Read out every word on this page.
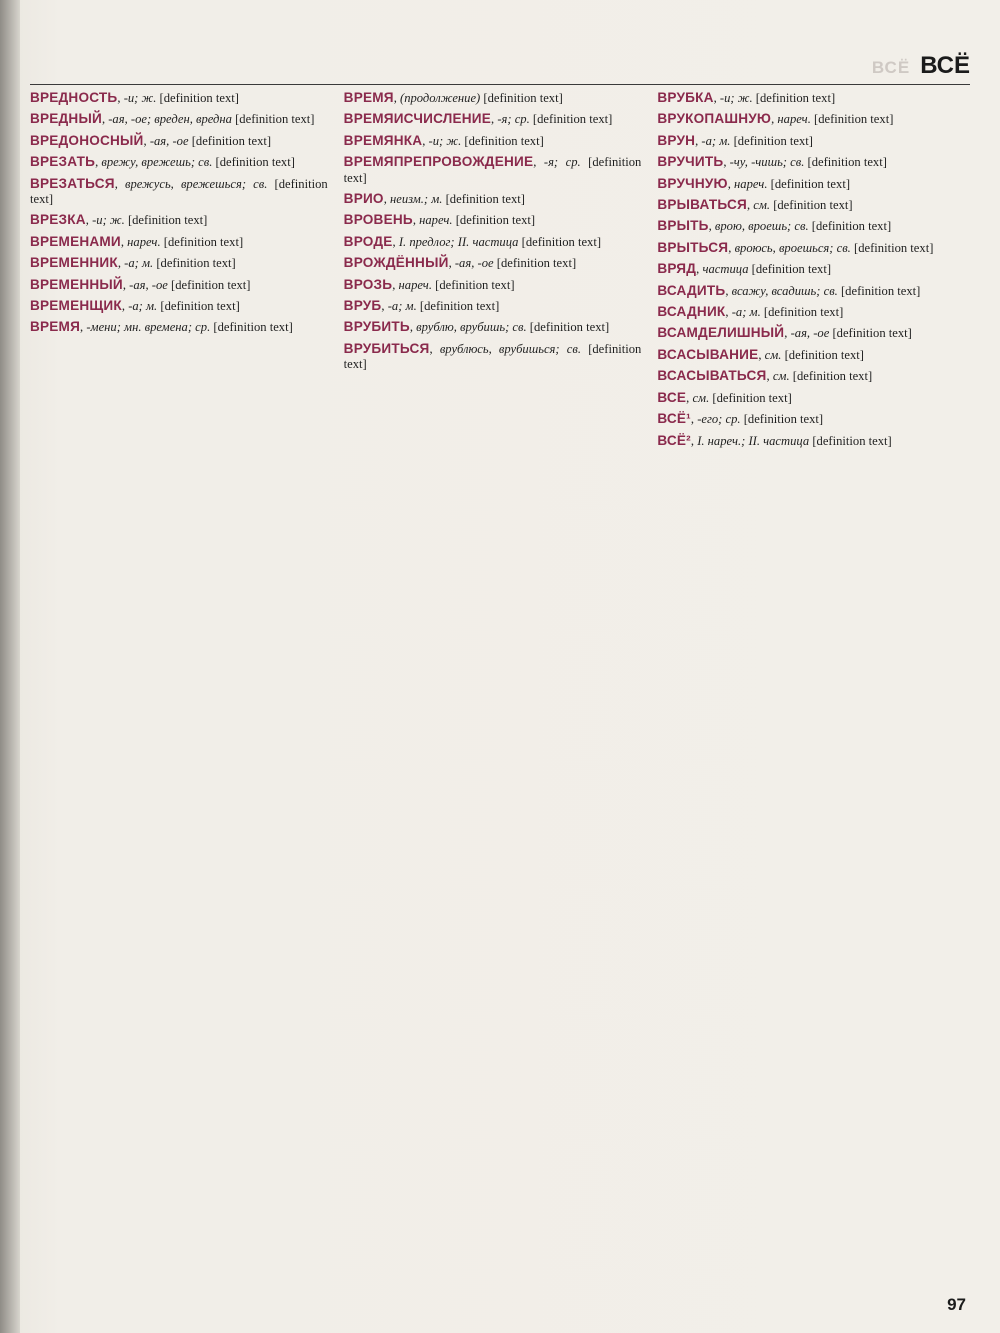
ВСЁ ВСЁ

ВРЕДНОСТЬ, -и; ж. [definition text]

ВРЕДНЫЙ, -ая, -ое; вреден, вредна [definition text]

ВРЕДОНОСНЫЙ, -ая, -ое [definition text]

ВРЕЗАТЬ, врежу, врежешь; св. [definition text]

ВРЕЗАТЬСЯ, врежусь, врежешься; св. [definition text]

ВРЕЗКА, -и; ж. [definition text]

ВРЕМЕНАМИ, нареч. [definition text]

ВРЕМЕННИК, -а; м. [definition text]

ВРЕМЕННЫЙ, -ая, -ое [definition text]

ВРЕМЕНЩИК, -а; м. [definition text]

ВРЕМЯ, -мени; мн. времена; ср. [definition text]

ВРЕМЯ, (продолжение) [definition text]

ВРЕМЯИСЧИСЛЕНИЕ, -я; ср. [definition text]

ВРЕМЯНКА, -и; ж. [definition text]

ВРЕМЯПРЕПРОВОЖДЕНИЕ, -я; ср. [definition text]

ВРИО, неизм.; м. [definition text]

ВРОВЕНЬ, нареч. [definition text]

ВРОДЕ, I. предлог; II. частица [definition text]

ВРОЖДЁННЫЙ, -ая, -ое [definition text]

ВРОЗЬ, нареч. [definition text]

ВРУБ, -а; м. [definition text]

ВРУБИТЬ, врублю, врубишь; св. [definition text]

ВРУБИТЬСЯ, врублюсь, врубишься; св. [definition text]

ВРУБКА, -и; ж. [definition text]

ВРУКОПАШНУЮ, нареч. [definition text]

ВРУН, -а; м. [definition text]

ВРУЧИТЬ, -чу, -чишь; св. [definition text]

ВРУЧНУЮ, нареч. [definition text]

ВРЫВАТЬСЯ, см. [definition text]

ВРЫТЬ, врою, вроешь; св. [definition text]

ВРЫТЬСЯ, вроюсь, вроешься; св. [definition text]

ВРЯД, частица [definition text]

ВСАДИТЬ, всажу, всадишь; св. [definition text]

ВСАДНИК, -а; м. [definition text]

ВСАМДЕЛИШНЫЙ, -ая, -ое [definition text]

ВСАСЫВАНИЕ, см. [definition text]

ВСАСЫВАТЬСЯ, см. [definition text]

ВСЕ, см. [definition text]

ВСЁ¹, -его; ср. [definition text]

ВСЁ², I. нареч.; II. частица [definition text]

97
